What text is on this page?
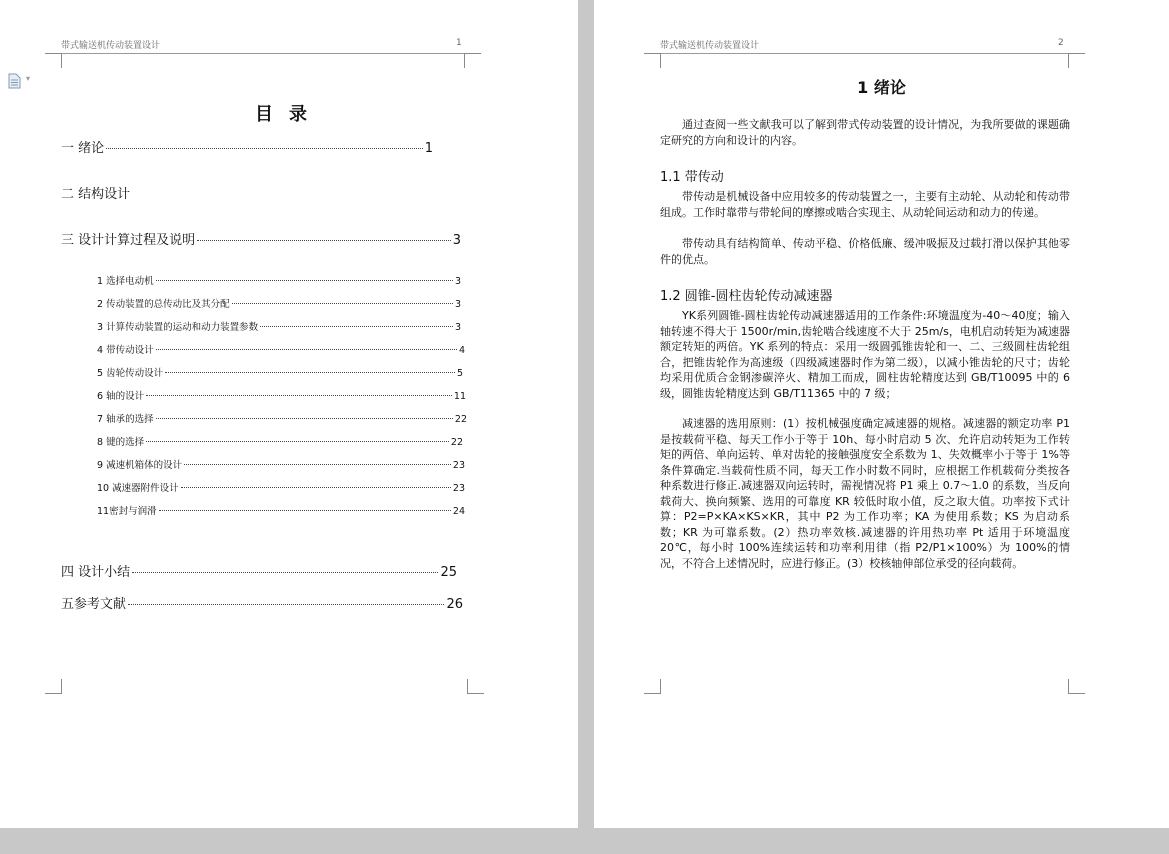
带式输送机传动装置设计	1
▾
目录
一 绪论	1
二 结构设计
三 设计计算过程及说明	3
1 选择电动机	3
2 传动装置的总传动比及其分配	3
3 计算传动装置的运动和动力装置参数	3
4 带传动设计	4
5 齿轮传动设计	5
6 轴的设计	11
7 轴承的选择	22
8 键的选择	22
9 减速机箱体的设计	23
10 减速器附件设计	23
11密封与润滑	24
四 设计小结	25
五参考文献	26
带式输送机传动装置设计	2
1 绪论

通过查阅一些文献我可以了解到带式传动装置的设计情况，为我所要做的课题确定研究的方向和设计的内容。

1.1 带传动

带传动是机械设备中应用较多的传动装置之一，主要有主动轮、从动轮和传动带组成。工作时靠带与带轮间的摩擦或啮合实现主、从动轮间运动和动力的传递。

带传动具有结构简单、传动平稳、价格低廉、缓冲吸振及过载打滑以保护其他零件的优点。

1.2 圆锥-圆柱齿轮传动减速器

YK系列圆锥-圆柱齿轮传动减速器适用的工作条件:环境温度为-40～40度；输入轴转速不得大于 1500r/min,齿轮啮合线速度不大于 25m/s，电机启动转矩为减速器额定转矩的两倍。YK 系列的特点：采用一级圆弧锥齿轮和一、二、三级圆柱齿轮组合，把锥齿轮作为高速级（四级减速器时作为第二级），以减小锥齿轮的尺寸；齿轮均采用优质合金钢渗碳淬火、精加工而成，圆柱齿轮精度达到 GB/T10095 中的 6 级，圆锥齿轮精度达到 GB/T11365 中的 7 级；

减速器的选用原则：(1）按机械强度确定减速器的规格。减速器的额定功率 P1 是按载荷平稳、每天工作小于等于 10h、每小时启动 5 次、允许启动转矩为工作转矩的两倍、单向运转、单对齿轮的接触强度安全系数为 1、失效概率小于等于 1%等条件算确定.当载荷性质不同，每天工作小时数不同时，应根据工作机载荷分类按各种系数进行修正.减速器双向运转时，需视情况将 P1 乘上 0.7～1.0 的系数，当反向载荷大、换向频繁、选用的可靠度 KR 较低时取小值，反之取大值。功率按下式计算：P2=P×KA×KS×KR，其中 P2 为工作功率；KA 为使用系数；KS 为启动系数；KR 为可靠系数。(2）热功率效核.减速器的许用热功率 Pt 适用于环境温度 20℃，每小时 100%连续运转和功率利用律（指 P2/P1×100%）为 100%的情况，不符合上述情况时，应进行修正。(3）校核轴伸部位承受的径向载荷。
